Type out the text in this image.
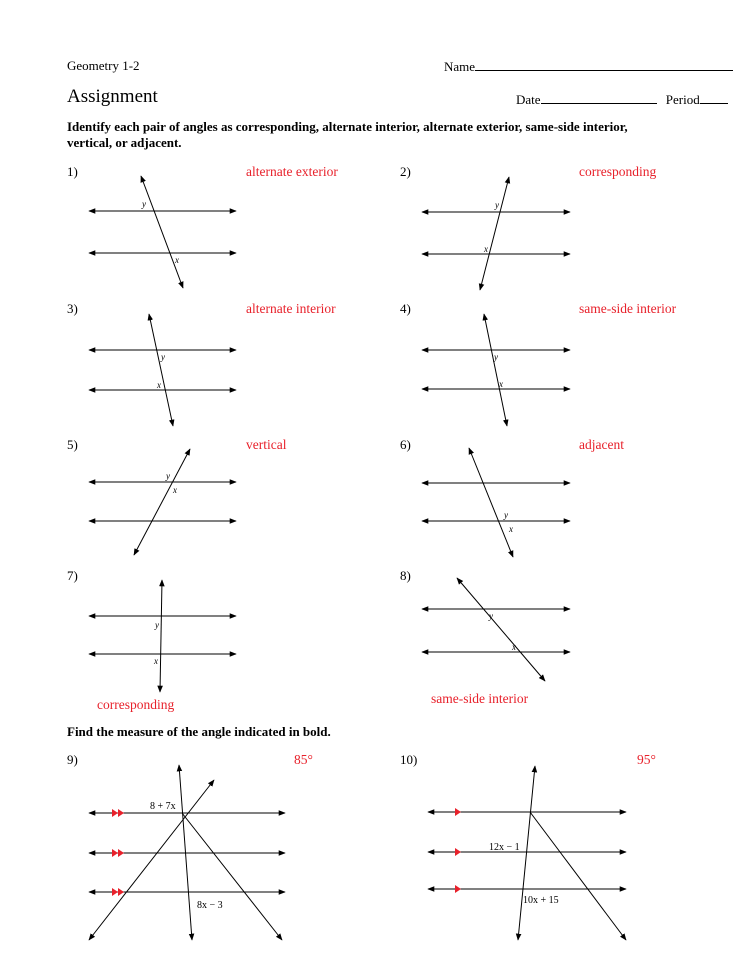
Geometry 1-2	Name
Assignment	Date	Period
Identify each pair of angles as corresponding, alternate interior, alternate exterior, same-side interior, vertical, or adjacent.
1)	alternate exterior	2)	corresponding
3)	alternate interior	4)	same-side interior
5)	vertical	6)	adjacent
7)
corresponding
8)
same-side interior
Find the measure of the angle indicated in bold.
9)	85°	10)	95°
y
x
y
x
y
x
y
x
y
x
y
x
y
x
y
x
8 + 7x
8x − 3
12x − 1
10x + 15
